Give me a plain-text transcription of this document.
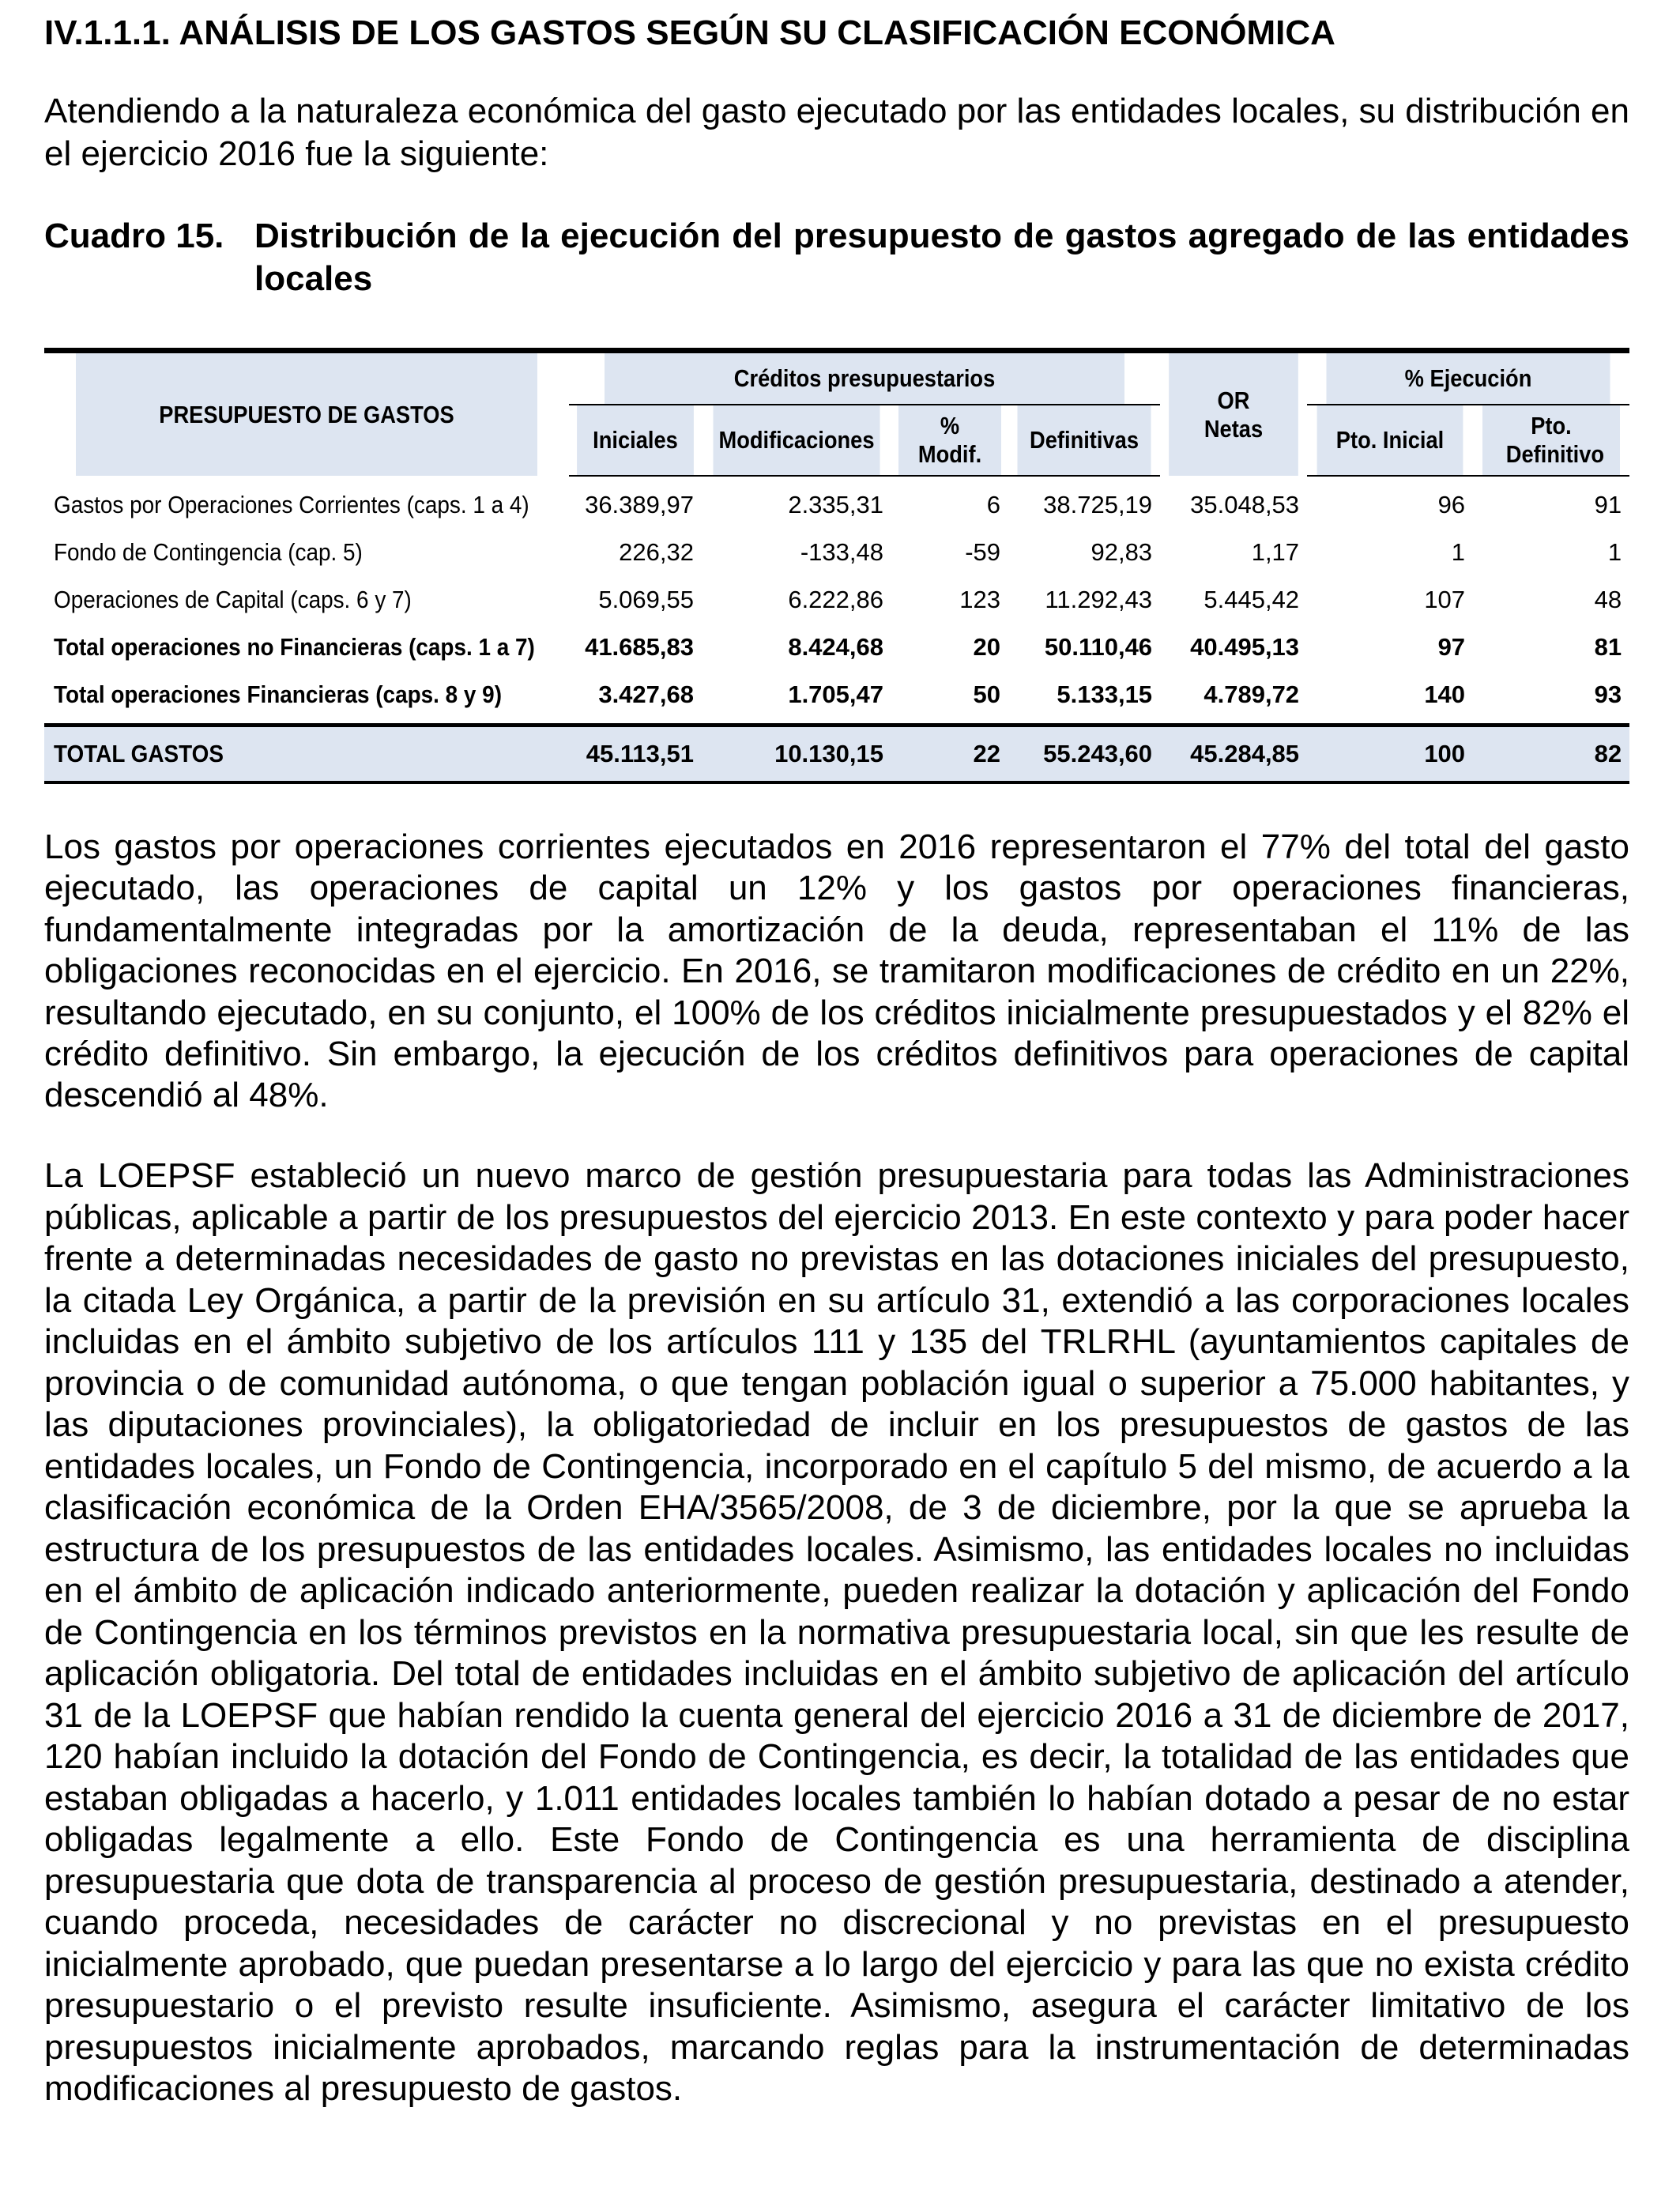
IV.1.1.1. ANÁLISIS DE LOS GASTOS SEGÚN SU CLASIFICACIÓN ECONÓMICA
Atendiendo a la naturaleza económica del gasto ejecutado por las entidades locales, su distribución en el ejercicio 2016 fue la siguiente:
Cuadro 15. Distribución de la ejecución del presupuesto de gastos agregado de las entidades locales
PRESUPUESTO DE GASTOS	Créditos presupuestarios				OR Netas	% Ejecución	
	Iniciales	Modificaciones	% Modif.	Definitivas		Pto. Inicial	Pto. Definitivo
Gastos por Operaciones Corrientes (caps. 1 a 4)	36.389,97	2.335,31	6	38.725,19	35.048,53	96	91
Fondo de Contingencia (cap. 5)	226,32	-133,48	-59	92,83	1,17	1	1
Operaciones de Capital (caps. 6 y 7)	5.069,55	6.222,86	123	11.292,43	5.445,42	107	48
Total operaciones no Financieras (caps. 1 a 7)	41.685,83	8.424,68	20	50.110,46	40.495,13	97	81
Total operaciones Financieras (caps. 8 y 9)	3.427,68	1.705,47	50	5.133,15	4.789,72	140	93
TOTAL GASTOS	45.113,51	10.130,15	22	55.243,60	45.284,85	100	82
Los gastos por operaciones corrientes ejecutados en 2016 representaron el 77% del total del gasto ejecutado, las operaciones de capital un 12% y los gastos por operaciones financieras, fundamentalmente integradas por la amortización de la deuda, representaban el 11% de las obligaciones reconocidas en el ejercicio. En 2016, se tramitaron modificaciones de crédito en un 22%, resultando ejecutado, en su conjunto, el 100% de los créditos inicialmente presupuestados y el 82% el crédito definitivo. Sin embargo, la ejecución de los créditos definitivos para operaciones de capital descendió al 48%.
La LOEPSF estableció un nuevo marco de gestión presupuestaria para todas las Administraciones públicas, aplicable a partir de los presupuestos del ejercicio 2013. En este contexto y para poder hacer frente a determinadas necesidades de gasto no previstas en las dotaciones iniciales del presupuesto, la citada Ley Orgánica, a partir de la previsión en su artículo 31, extendió a las corporaciones locales incluidas en el ámbito subjetivo de los artículos 111 y 135 del TRLRHL (ayuntamientos capitales de provincia o de comunidad autónoma, o que tengan población igual o superior a 75.000 habitantes, y las diputaciones provinciales), la obligatoriedad de incluir en los presupuestos de gastos de las entidades locales, un Fondo de Contingencia, incorporado en el capítulo 5 del mismo, de acuerdo a la clasificación económica de la Orden EHA/3565/2008, de 3 de diciembre, por la que se aprueba la estructura de los presupuestos de las entidades locales. Asimismo, las entidades locales no incluidas en el ámbito de aplicación indicado anteriormente, pueden realizar la dotación y aplicación del Fondo de Contingencia en los términos previstos en la normativa presupuestaria local, sin que les resulte de aplicación obligatoria. Del total de entidades incluidas en el ámbito subjetivo de aplicación del artículo 31 de la LOEPSF que habían rendido la cuenta general del ejercicio 2016 a 31 de diciembre de 2017, 120 habían incluido la dotación del Fondo de Contingencia, es decir, la totalidad de las entidades que estaban obligadas a hacerlo, y 1.011 entidades locales también lo habían dotado a pesar de no estar obligadas legalmente a ello. Este Fondo de Contingencia es una herramienta de disciplina presupuestaria que dota de transparencia al proceso de gestión presupuestaria, destinado a atender, cuando proceda, necesidades de carácter no discrecional y no previstas en el presupuesto inicialmente aprobado, que puedan presentarse a lo largo del ejercicio y para las que no exista crédito presupuestario o el previsto resulte insuficiente. Asimismo, asegura el carácter limitativo de los presupuestos inicialmente aprobados, marcando reglas para la instrumentación de determinadas modificaciones al presupuesto de gastos.
